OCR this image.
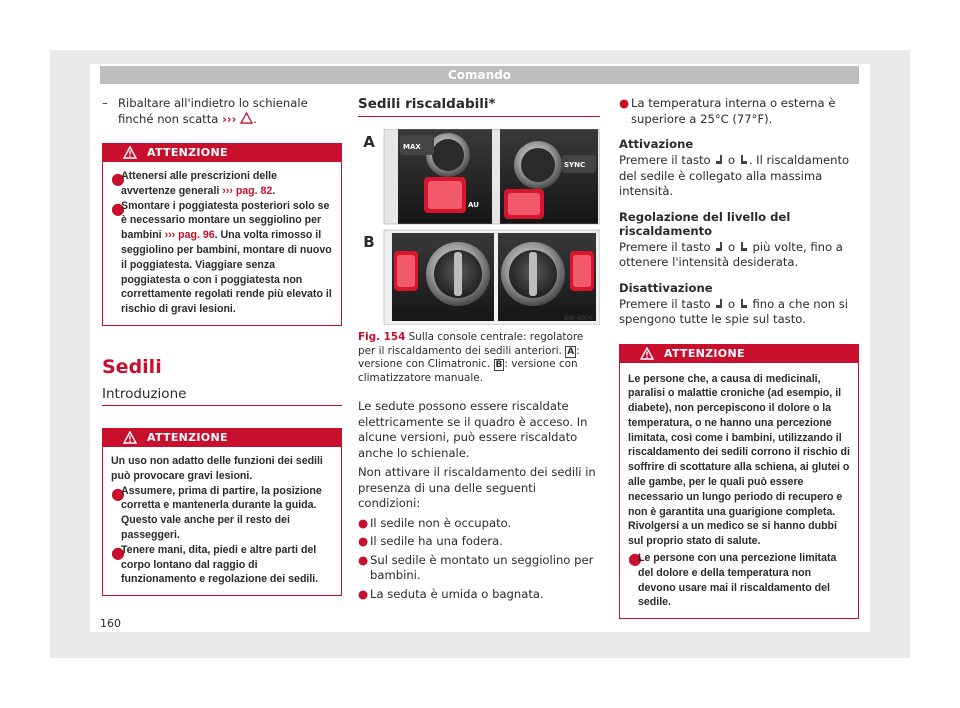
Comando
– Ribaltare all'indietro lo schienale finché non scatta ››› .
ATTENZIONE
●

Attenersi alle prescrizioni delle avvertenze generali ››› pag. 82.

●

Smontare i poggiatesta posteriori solo se è necessario montare un seggiolino per bambini ››› pag. 96. Una volta rimosso il seggiolino per bambini, montare di nuovo il poggiatesta. Viaggiare senza poggiatesta o con i poggiatesta non correttamente regolati rende più elevato il rischio di gravi lesioni.

Sedili
Introduzione
ATTENZIONE

Un uso non adatto delle funzioni dei sedili può provocare gravi lesioni.

●

Assumere, prima di partire, la posizione corretta e mantenerla durante la guida. Questo vale anche per il resto dei passeggeri.

●

Tenere mani, dita, piedi e altre parti del corpo lontano dal raggio di funzionamento e regolazione dei sedili.

Sedili riscaldabili*
MAX
SYNC
AU
B6F-0009
A
B

Fig. 154 Sulla console centrale: regolatore per il riscaldamento dei sedili anteriori. A : versione con Climatronic. B : versione con climatizzatore manuale.

Le sedute possono essere riscaldate elettricamente se il quadro è acceso. In alcune versioni, può essere riscaldato anche lo schienale.

Non attivare il riscaldamento dei sedili in presenza di una delle seguenti condizioni:

● Il sedile non è occupato.
● Il sedile ha una fodera.
● Sul sedile è montato un seggiolino per bambini.
● La seduta è umida o bagnata.
● La temperatura interna o esterna è superiore a 25°C (77°F).
Attivazione

Premere il tasto o . Il riscaldamento del sedile è collegato alla massima intensità.

Regolazione del livello del riscaldamento

Premere il tasto o più volte, fino a ottenere l'intensità desiderata.

Disattivazione

Premere il tasto o fino a che non si spengono tutte le spie sul tasto.

ATTENZIONE

Le persone che, a causa di medicinali, paralisi o malattie croniche (ad esempio, il diabete), non percepiscono il dolore o la temperatura, o ne hanno una percezione limitata, così come i bambini, utilizzando il riscaldamento dei sedili corrono il rischio di soffrire di scottature alla schiena, ai glutei o alle gambe, per le quali può essere necessario un lungo periodo di recupero e non è garantita una guarigione completa. Rivolgersi a un medico se si hanno dubbi sul proprio stato di salute.

●

Le persone con una percezione limitata del dolore e della temperatura non devono usare mai il riscaldamento del sedile.

160
